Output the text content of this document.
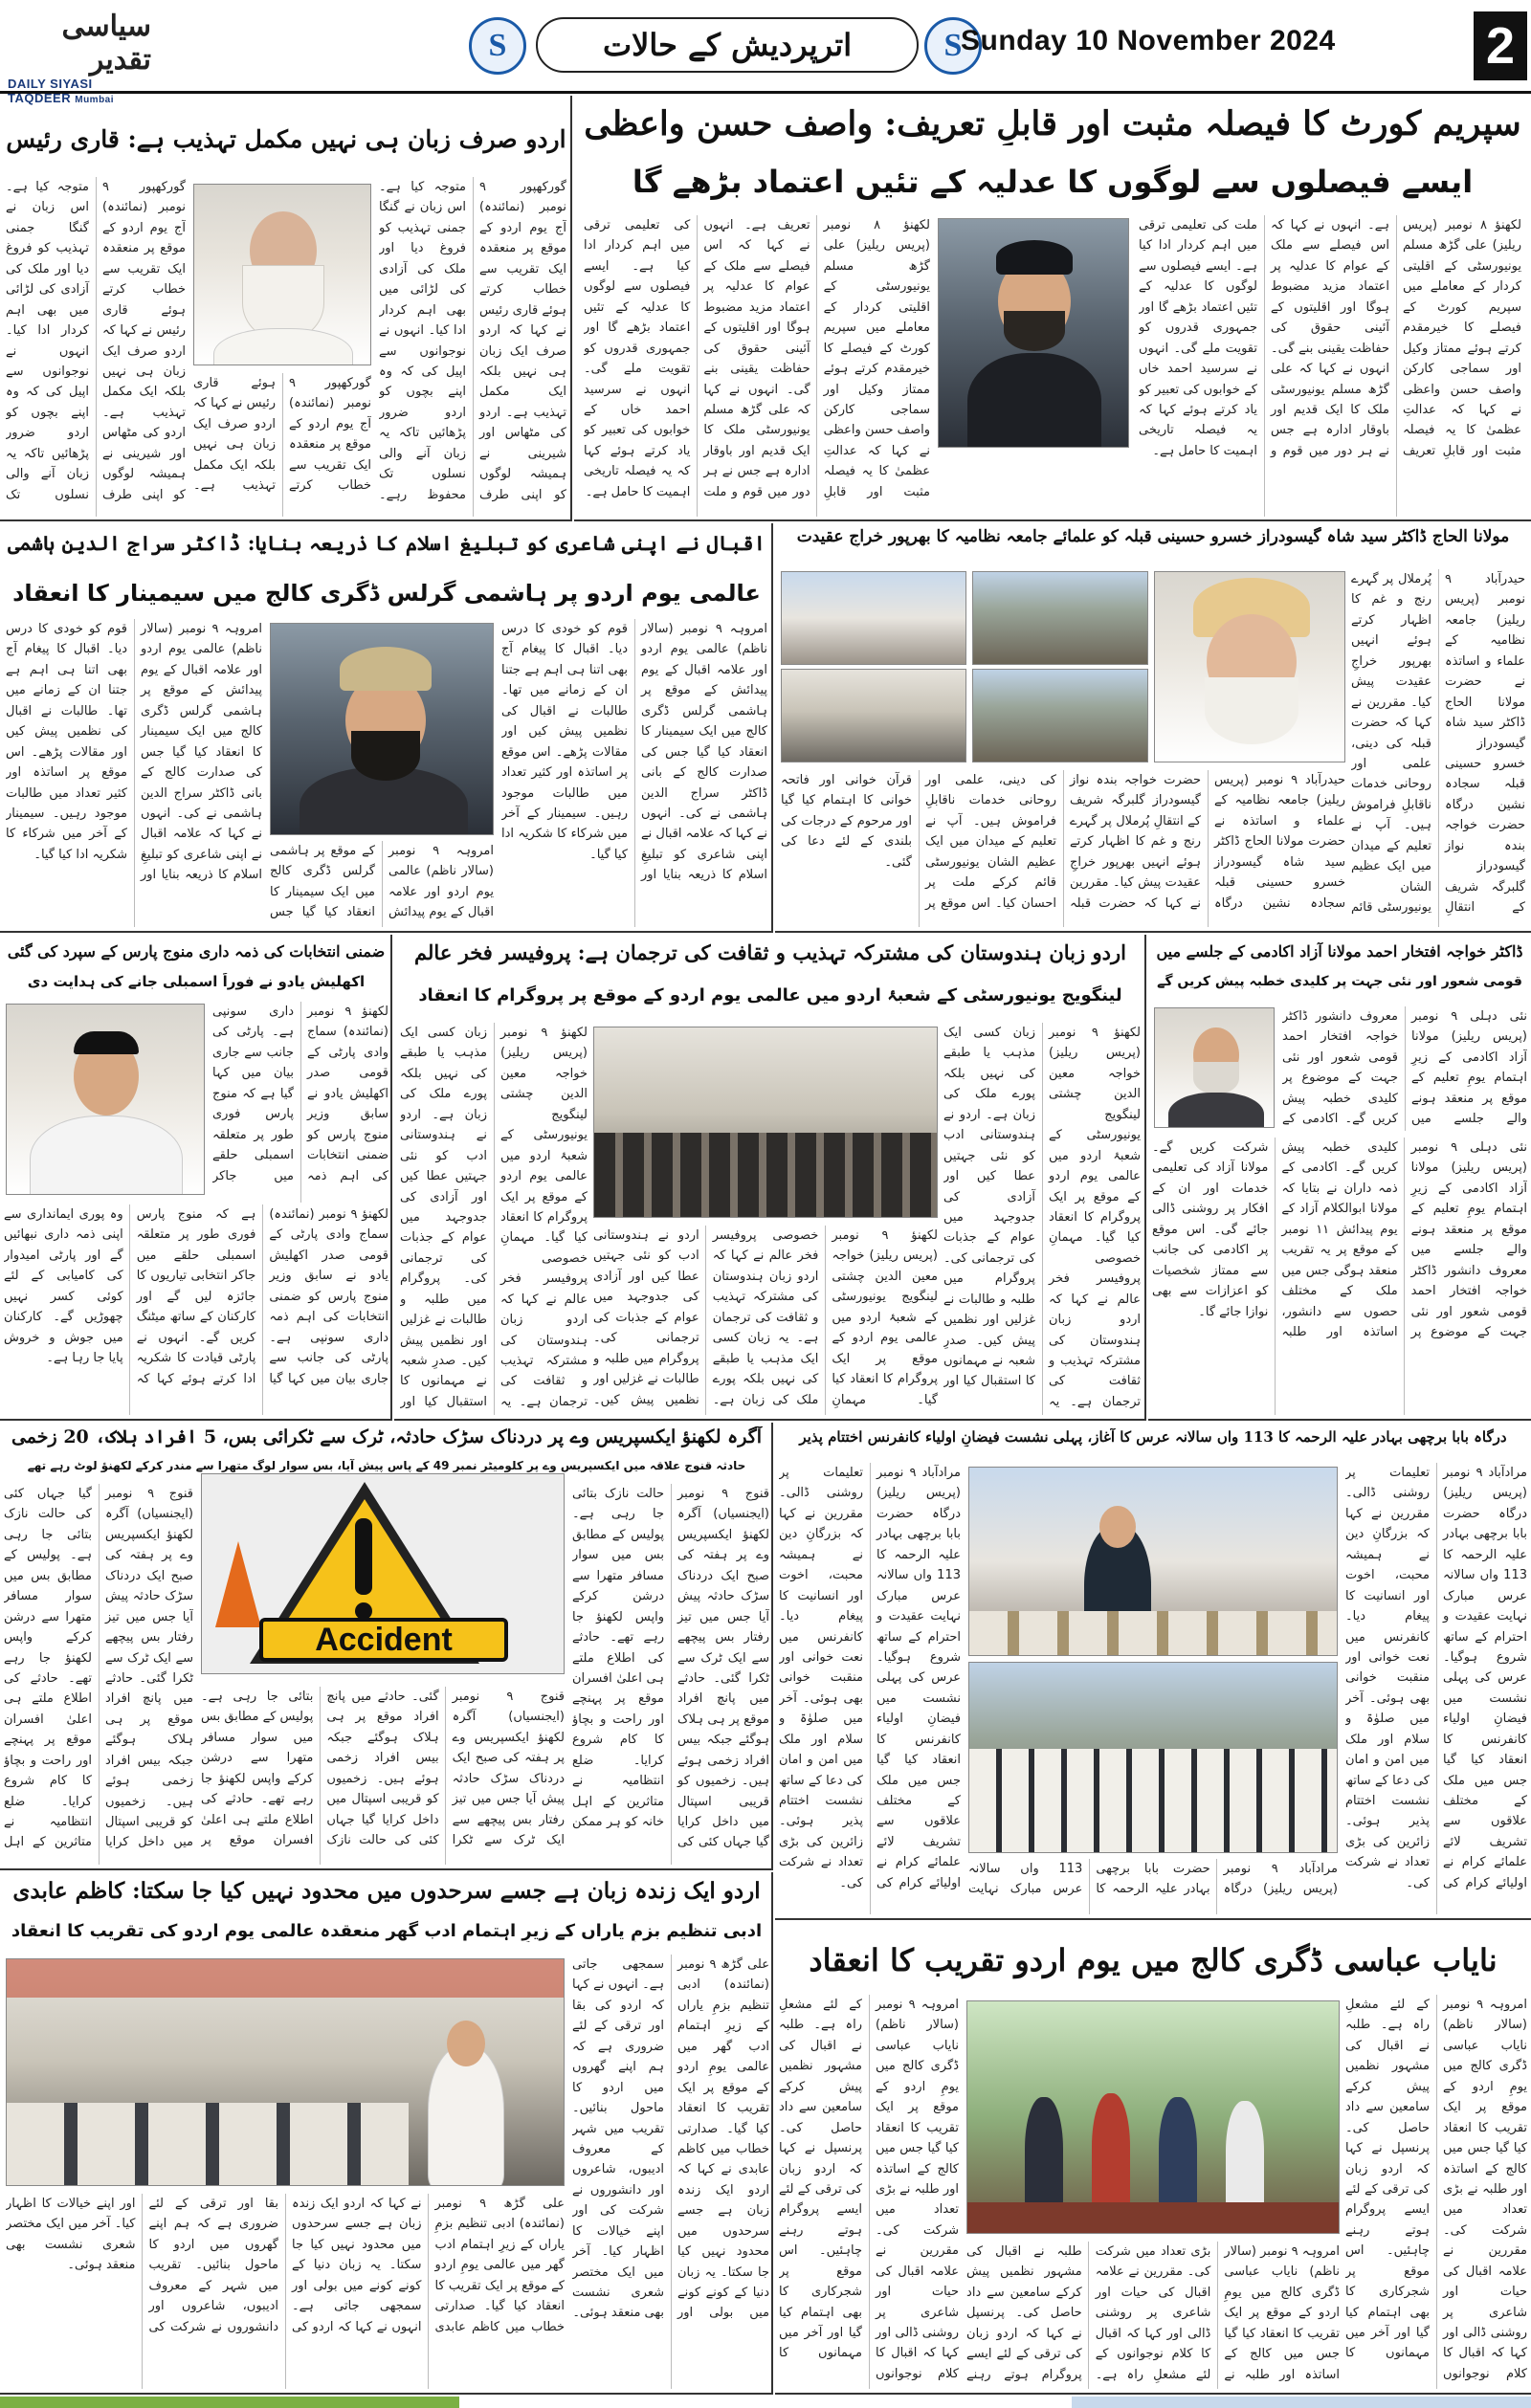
سیاسی تقدیر
DAILY SIYASI TAQDEER Mumbai
S	اترپردیش کے حالات	S
Sunday 10 November 2024	2
سپریم کورٹ کا فیصلہ مثبت اور قابلِ تعریف: واصف حسن واعظی
ایسے فیصلوں سے لوگوں کا عدلیہ کے تئیں اعتماد بڑھے گا
لکھنؤ ۸ نومبر (پریس ریلیز) علی گڑھ مسلم یونیورسٹی کے اقلیتی کردار کے معاملے میں سپریم کورٹ کے فیصلے کا خیرمقدم کرتے ہوئے ممتاز وکیل اور سماجی کارکن واصف حسن واعظی نے کہا کہ عدالتِ عظمیٰ کا یہ فیصلہ مثبت اور قابلِ تعریف ہے۔ انہوں نے کہا کہ اس فیصلے سے ملک کے عوام کا عدلیہ پر اعتماد مزید مضبوط ہوگا اور اقلیتوں کے آئینی حقوق کی حفاظت یقینی بنے گی۔ انہوں نے کہا کہ علی گڑھ مسلم یونیورسٹی ملک کا ایک قدیم اور باوقار ادارہ ہے جس نے ہر دور میں قوم و ملت کی تعلیمی ترقی میں اہم کردار ادا کیا ہے۔ ایسے فیصلوں سے لوگوں کا عدلیہ کے تئیں اعتماد بڑھے گا اور جمہوری قدروں کو تقویت ملے گی۔ انہوں نے سرسید احمد خاں کے خوابوں کی تعبیر کو یاد کرتے ہوئے کہا کہ یہ فیصلہ تاریخی اہمیت کا حامل ہے۔
لکھنؤ ۸ نومبر (پریس ریلیز) علی گڑھ مسلم یونیورسٹی کے اقلیتی کردار کے معاملے میں سپریم کورٹ کے فیصلے کا خیرمقدم کرتے ہوئے ممتاز وکیل اور سماجی کارکن واصف حسن واعظی نے کہا کہ عدالتِ عظمیٰ کا یہ فیصلہ مثبت اور قابلِ تعریف ہے۔ انہوں نے کہا کہ اس فیصلے سے ملک کے عوام کا عدلیہ پر اعتماد مزید مضبوط ہوگا اور اقلیتوں کے آئینی حقوق کی حفاظت یقینی بنے گی۔ انہوں نے کہا کہ علی گڑھ مسلم یونیورسٹی ملک کا ایک قدیم اور باوقار ادارہ ہے جس نے ہر دور میں قوم و ملت کی تعلیمی ترقی میں اہم کردار ادا کیا ہے۔ ایسے فیصلوں سے لوگوں کا عدلیہ کے تئیں اعتماد بڑھے گا اور جمہوری قدروں کو تقویت ملے گی۔ انہوں نے سرسید احمد خاں کے خوابوں کی تعبیر کو یاد کرتے ہوئے کہا کہ یہ فیصلہ تاریخی اہمیت کا حامل ہے۔
اردو صرف زبان ہی نہیں مکمل تہذیب ہے: قاری رئیس
گورکھپور ۹ نومبر (نمائندہ) آج یوم اردو کے موقع پر منعقدہ ایک تقریب سے خطاب کرتے ہوئے قاری رئیس نے کہا کہ اردو صرف ایک زبان ہی نہیں بلکہ ایک مکمل تہذیب ہے۔ اردو کی مٹھاس اور شیرینی نے ہمیشہ لوگوں کو اپنی طرف متوجہ کیا ہے۔ اس زبان نے گنگا جمنی تہذیب کو فروغ دیا اور ملک کی آزادی کی لڑائی میں بھی اہم کردار ادا کیا۔ انہوں نے نوجوانوں سے اپیل کی کہ وہ اپنے بچوں کو اردو ضرور پڑھائیں تاکہ یہ زبان آنے والی نسلوں تک محفوظ رہے۔
گورکھپور ۹ نومبر (نمائندہ) آج یوم اردو کے موقع پر منعقدہ ایک تقریب سے خطاب کرتے ہوئے قاری رئیس نے کہا کہ اردو صرف ایک زبان ہی نہیں بلکہ ایک مکمل تہذیب ہے۔
گورکھپور ۹ نومبر (نمائندہ) آج یوم اردو کے موقع پر منعقدہ ایک تقریب سے خطاب کرتے ہوئے قاری رئیس نے کہا کہ اردو صرف ایک زبان ہی نہیں بلکہ ایک مکمل تہذیب ہے۔ اردو کی مٹھاس اور شیرینی نے ہمیشہ لوگوں کو اپنی طرف متوجہ کیا ہے۔ اس زبان نے گنگا جمنی تہذیب کو فروغ دیا اور ملک کی آزادی کی لڑائی میں بھی اہم کردار ادا کیا۔ انہوں نے نوجوانوں سے اپیل کی کہ وہ اپنے بچوں کو اردو ضرور پڑھائیں تاکہ یہ زبان آنے والی نسلوں تک
مولانا الحاج ڈاکٹر سید شاہ گیسودراز خسرو حسینی قبلہ کو علمائے جامعہ نظامیہ کا بھرپور خراجِ عقیدت
حیدرآباد ۹ نومبر (پریس ریلیز) جامعہ نظامیہ کے علماء و اساتذہ نے حضرت مولانا الحاج ڈاکٹر سید شاہ گیسودراز خسرو حسینی قبلہ سجادہ نشین درگاہ حضرت خواجہ بندہ نواز گیسودراز گلبرگہ شریف کے انتقالِ پُرملال پر گہرے رنج و غم کا اظہار کرتے ہوئے انہیں بھرپور خراجِ عقیدت پیش کیا۔ مقررین نے کہا کہ حضرت قبلہ کی دینی، علمی اور روحانی خدمات ناقابلِ فراموش ہیں۔ آپ نے تعلیم کے میدان میں ایک عظیم الشان یونیورسٹی قائم
حیدرآباد ۹ نومبر (پریس ریلیز) جامعہ نظامیہ کے علماء و اساتذہ نے حضرت مولانا الحاج ڈاکٹر سید شاہ گیسودراز خسرو حسینی قبلہ سجادہ نشین درگاہ حضرت خواجہ بندہ نواز گیسودراز گلبرگہ شریف کے انتقالِ پُرملال پر گہرے رنج و غم کا اظہار کرتے ہوئے انہیں بھرپور خراجِ عقیدت پیش کیا۔ مقررین نے کہا کہ حضرت قبلہ کی دینی، علمی اور روحانی خدمات ناقابلِ فراموش ہیں۔ آپ نے تعلیم کے میدان میں ایک عظیم الشان یونیورسٹی قائم کرکے ملت پر احسان کیا۔ اس موقع پر قرآن خوانی اور فاتحہ خوانی کا اہتمام کیا گیا اور مرحوم کے درجات کی بلندی کے لئے دعا کی گئی۔
اقبال نے اپنی شاعری کو تبلیغِ اسلام کا ذریعہ بنایا: ڈاکٹر سراج الدین ہاشمی
عالمی یوم اردو پر ہاشمی گرلس ڈگری کالج میں سیمینار کا انعقاد
امروہہ ۹ نومبر (سالار ناظم) عالمی یوم اردو اور علامہ اقبال کے یوم پیدائش کے موقع پر ہاشمی گرلس ڈگری کالج میں ایک سیمینار کا انعقاد کیا گیا جس کی صدارت کالج کے بانی ڈاکٹر سراج الدین ہاشمی نے کی۔ انہوں نے کہا کہ علامہ اقبال نے اپنی شاعری کو تبلیغِ اسلام کا ذریعہ بنایا اور قوم کو خودی کا درس دیا۔ اقبال کا پیغام آج بھی اتنا ہی اہم ہے جتنا ان کے زمانے میں تھا۔ طالبات نے اقبال کی نظمیں پیش کیں اور مقالات پڑھے۔ اس موقع پر اساتذہ اور کثیر تعداد میں طالبات موجود رہیں۔ سیمینار کے آخر میں شرکاء کا شکریہ ادا کیا گیا۔
امروہہ ۹ نومبر (سالار ناظم) عالمی یوم اردو اور علامہ اقبال کے یوم پیدائش کے موقع پر ہاشمی گرلس ڈگری کالج میں ایک سیمینار کا انعقاد کیا گیا جس
امروہہ ۹ نومبر (سالار ناظم) عالمی یوم اردو اور علامہ اقبال کے یوم پیدائش کے موقع پر ہاشمی گرلس ڈگری کالج میں ایک سیمینار کا انعقاد کیا گیا جس کی صدارت کالج کے بانی ڈاکٹر سراج الدین ہاشمی نے کی۔ انہوں نے کہا کہ علامہ اقبال نے اپنی شاعری کو تبلیغِ اسلام کا ذریعہ بنایا اور قوم کو خودی کا درس دیا۔ اقبال کا پیغام آج بھی اتنا ہی اہم ہے جتنا ان کے زمانے میں تھا۔ طالبات نے اقبال کی نظمیں پیش کیں اور مقالات پڑھے۔ اس موقع پر اساتذہ اور کثیر تعداد میں طالبات موجود رہیں۔ سیمینار کے آخر میں شرکاء کا شکریہ ادا کیا گیا۔
ڈاکٹر خواجہ افتخار احمد مولانا آزاد اکادمی کے جلسے میں
قومی شعور اور نئی جہت پر کلیدی خطبہ پیش کریں گے
نئی دہلی ۹ نومبر (پریس ریلیز) مولانا آزاد اکادمی کے زیرِ اہتمام یومِ تعلیم کے موقع پر منعقد ہونے والے جلسے میں معروف دانشور ڈاکٹر خواجہ افتخار احمد قومی شعور اور نئی جہت کے موضوع پر کلیدی خطبہ پیش کریں گے۔ اکادمی کے
نئی دہلی ۹ نومبر (پریس ریلیز) مولانا آزاد اکادمی کے زیرِ اہتمام یومِ تعلیم کے موقع پر منعقد ہونے والے جلسے میں معروف دانشور ڈاکٹر خواجہ افتخار احمد قومی شعور اور نئی جہت کے موضوع پر کلیدی خطبہ پیش کریں گے۔ اکادمی کے ذمہ داران نے بتایا کہ مولانا ابوالکلام آزاد کے یوم پیدائش ۱۱ نومبر کے موقع پر یہ تقریب منعقد ہوگی جس میں ملک کے مختلف حصوں سے دانشور، اساتذہ اور طلبہ شرکت کریں گے۔ مولانا آزاد کی تعلیمی خدمات اور ان کے افکار پر روشنی ڈالی جائے گی۔ اس موقع پر اکادمی کی جانب سے ممتاز شخصیات کو اعزازات سے بھی نوازا جائے گا۔
اردو زبان ہندوستان کی مشترکہ تہذیب و ثقافت کی ترجمان ہے: پروفیسر فخر عالم
لینگویج یونیورسٹی کے شعبۂ اردو میں عالمی یوم اردو کے موقع پر پروگرام کا انعقاد
لکھنؤ ۹ نومبر (پریس ریلیز) خواجہ معین الدین چشتی لینگویج یونیورسٹی کے شعبۂ اردو میں عالمی یوم اردو کے موقع پر ایک پروگرام کا انعقاد کیا گیا۔ مہمانِ خصوصی پروفیسر فخر عالم نے کہا کہ اردو زبان ہندوستان کی مشترکہ تہذیب و ثقافت کی ترجمان ہے۔ یہ زبان کسی ایک مذہب یا طبقے کی نہیں بلکہ پورے ملک کی زبان ہے۔ اردو نے ہندوستانی ادب کو نئی جہتیں عطا کیں اور آزادی کی جدوجہد میں عوام کے جذبات کی ترجمانی کی۔ پروگرام میں طلبہ و طالبات نے غزلیں اور نظمیں پیش کیں۔ صدرِ شعبہ نے مہمانوں کا استقبال کیا اور
لکھنؤ ۹ نومبر (پریس ریلیز) خواجہ معین الدین چشتی لینگویج یونیورسٹی کے شعبۂ اردو میں عالمی یوم اردو کے موقع پر ایک پروگرام کا انعقاد کیا گیا۔ مہمانِ خصوصی پروفیسر فخر عالم نے کہا کہ اردو زبان ہندوستان کی مشترکہ تہذیب و ثقافت کی ترجمان ہے۔ یہ زبان کسی ایک مذہب یا طبقے کی نہیں بلکہ پورے ملک کی زبان ہے۔ اردو نے ہندوستانی ادب کو نئی جہتیں عطا کیں اور آزادی کی جدوجہد میں عوام کے جذبات کی ترجمانی کی۔ پروگرام میں طلبہ و طالبات نے غزلیں اور نظمیں پیش کیں۔
لکھنؤ ۹ نومبر (پریس ریلیز) خواجہ معین الدین چشتی لینگویج یونیورسٹی کے شعبۂ اردو میں عالمی یوم اردو کے موقع پر ایک پروگرام کا انعقاد کیا گیا۔ مہمانِ خصوصی پروفیسر فخر عالم نے کہا کہ اردو زبان ہندوستان کی مشترکہ تہذیب و ثقافت کی ترجمان ہے۔ یہ زبان کسی ایک مذہب یا طبقے کی نہیں بلکہ پورے ملک کی زبان ہے۔ اردو نے ہندوستانی ادب کو نئی جہتیں عطا کیں اور آزادی کی جدوجہد میں عوام کے جذبات کی ترجمانی کی۔ پروگرام میں طلبہ و طالبات نے غزلیں اور نظمیں پیش کیں۔ صدرِ شعبہ نے مہمانوں کا استقبال کیا اور
ضمنی انتخابات کی ذمہ داری منوج پارس کے سپرد کی گئی
اکھلیش یادو نے فوراً اسمبلی جانے کی ہدایت دی
لکھنؤ ۹ نومبر (نمائندہ) سماج وادی پارٹی کے قومی صدر اکھلیش یادو نے سابق وزیر منوج پارس کو ضمنی انتخابات کی اہم ذمہ داری سونپی ہے۔ پارٹی کی جانب سے جاری بیان میں کہا گیا ہے کہ منوج پارس فوری طور پر متعلقہ اسمبلی حلقے میں جاکر
لکھنؤ ۹ نومبر (نمائندہ) سماج وادی پارٹی کے قومی صدر اکھلیش یادو نے سابق وزیر منوج پارس کو ضمنی انتخابات کی اہم ذمہ داری سونپی ہے۔ پارٹی کی جانب سے جاری بیان میں کہا گیا ہے کہ منوج پارس فوری طور پر متعلقہ اسمبلی حلقے میں جاکر انتخابی تیاریوں کا جائزہ لیں گے اور کارکنان کے ساتھ میٹنگ کریں گے۔ انہوں نے پارٹی قیادت کا شکریہ ادا کرتے ہوئے کہا کہ وہ پوری ایمانداری سے اپنی ذمہ داری نبھائیں گے اور پارٹی امیدوار کی کامیابی کے لئے کوئی کسر نہیں چھوڑیں گے۔ کارکنان میں جوش و خروش پایا جا رہا ہے۔
درگاہ بابا برچھی بہادر علیہ الرحمہ کا 113 واں سالانہ عرس کا آغاز، پہلی نشست فیضانِ اولیاء کانفرنس اختتام پذیر
مرادآباد ۹ نومبر (پریس ریلیز) درگاہ حضرت بابا برچھی بہادر علیہ الرحمہ کا 113 واں سالانہ عرس مبارک نہایت عقیدت و احترام کے ساتھ شروع ہوگیا۔ عرس کی پہلی نشست میں فیضانِ اولیاء کانفرنس کا انعقاد کیا گیا جس میں ملک کے مختلف علاقوں سے تشریف لائے علمائے کرام نے اولیائے کرام کی تعلیمات پر روشنی ڈالی۔ مقررین نے کہا کہ بزرگانِ دین نے ہمیشہ محبت، اخوت اور انسانیت کا پیغام دیا۔ کانفرنس میں نعت خوانی اور منقبت خوانی بھی ہوئی۔ آخر میں صلوٰۃ و سلام اور ملک میں امن و امان کی دعا کے ساتھ نشست اختتام پذیر ہوئی۔ زائرین کی بڑی تعداد نے شرکت کی۔
مرادآباد ۹ نومبر (پریس ریلیز) درگاہ حضرت بابا برچھی بہادر علیہ الرحمہ کا 113 واں سالانہ عرس مبارک نہایت عقیدت و احترام کے ساتھ شروع ہوگیا۔ عرس کی پہلی نشست میں فیضانِ اولیاء کانفرنس کا انعقاد کیا گیا جس میں ملک کے مختلف علاقوں سے تشریف لائے علمائے کرام نے اولیائے کرام کی تعلیمات پر روشنی ڈالی۔ مقررین نے کہا کہ بزرگانِ دین نے ہمیشہ محبت، اخوت اور انسانیت کا پیغام دیا۔ کانفرنس میں نعت خوانی اور منقبت خوانی بھی ہوئی۔ آخر میں صلوٰۃ و سلام اور ملک میں امن و امان کی دعا کے ساتھ نشست اختتام پذیر ہوئی۔ زائرین کی بڑی تعداد نے شرکت کی۔
مرادآباد ۹ نومبر (پریس ریلیز) درگاہ حضرت بابا برچھی بہادر علیہ الرحمہ کا 113 واں سالانہ عرس مبارک نہایت
آگرہ لکھنؤ ایکسپریس وے پر دردناک سڑک حادثہ، ٹرک سے ٹکرائی بس، 5 افراد ہلاک، 20 زخمی
حادثہ قنوج علاقہ میں ایکسپریس وے پر کلومیٹر نمبر 49 کے پاس پیش آیا، بس سوار لوگ متھرا سے مندر کرکے لکھنؤ لوٹ رہے تھے
قنوج ۹ نومبر (ایجنسیاں) آگرہ لکھنؤ ایکسپریس وے پر ہفتہ کی صبح ایک دردناک سڑک حادثہ پیش آیا جس میں تیز رفتار بس پیچھے سے ایک ٹرک سے ٹکرا گئی۔ حادثے میں پانچ افراد موقع پر ہی ہلاک ہوگئے جبکہ بیس افراد زخمی ہوئے ہیں۔ زخمیوں کو قریبی اسپتال میں داخل کرایا گیا جہاں کئی کی حالت نازک بتائی جا رہی ہے۔ پولیس کے مطابق بس میں سوار مسافر متھرا سے درشن کرکے واپس لکھنؤ جا رہے تھے۔ حادثے کی اطلاع ملتے ہی اعلیٰ افسران موقع پر پہنچے اور راحت و بچاؤ کا کام شروع کرایا۔ ضلع انتظامیہ نے متاثرین کے اہل خانہ کو ہر ممکن
قنوج ۹ نومبر (ایجنسیاں) آگرہ لکھنؤ ایکسپریس وے پر ہفتہ کی صبح ایک دردناک سڑک حادثہ پیش آیا جس میں تیز رفتار بس پیچھے سے ایک ٹرک سے ٹکرا گئی۔ حادثے میں پانچ افراد موقع پر ہی ہلاک ہوگئے جبکہ بیس افراد زخمی ہوئے ہیں۔ زخمیوں کو قریبی اسپتال میں داخل کرایا گیا جہاں کئی کی حالت نازک بتائی جا رہی ہے۔ پولیس کے مطابق بس میں سوار مسافر متھرا سے درشن کرکے واپس لکھنؤ جا رہے تھے۔ حادثے کی اطلاع ملتے ہی اعلیٰ افسران موقع پر پہنچے اور راحت و بچاؤ کا کام شروع کرایا۔ ضلع انتظامیہ نے متاثرین کے اہل
قنوج ۹ نومبر (ایجنسیاں) آگرہ لکھنؤ ایکسپریس وے پر ہفتہ کی صبح ایک دردناک سڑک حادثہ پیش آیا جس میں تیز رفتار بس پیچھے سے ایک ٹرک سے ٹکرا گئی۔ حادثے میں پانچ افراد موقع پر ہی ہلاک ہوگئے جبکہ بیس افراد زخمی ہوئے ہیں۔ زخمیوں کو قریبی اسپتال میں داخل کرایا گیا جہاں کئی کی حالت نازک بتائی جا رہی ہے۔ پولیس کے مطابق بس میں سوار مسافر متھرا سے درشن کرکے واپس لکھنؤ جا رہے تھے۔ حادثے کی اطلاع ملتے ہی اعلیٰ افسران موقع پر
Accident
اردو ایک زندہ زبان ہے جسے سرحدوں میں محدود نہیں کیا جا سکتا: کاظم عابدی
ادبی تنظیم بزمِ یاراں کے زیرِ اہتمام ادب گھر منعقدہ عالمی یومِ اردو کی تقریب کا انعقاد
علی گڑھ ۹ نومبر (نمائندہ) ادبی تنظیم بزمِ یاراں کے زیرِ اہتمام ادب گھر میں عالمی یومِ اردو کے موقع پر ایک تقریب کا انعقاد کیا گیا۔ صدارتی خطاب میں کاظم عابدی نے کہا کہ اردو ایک زندہ زبان ہے جسے سرحدوں میں محدود نہیں کیا جا سکتا۔ یہ زبان دنیا کے کونے کونے میں بولی اور سمجھی جاتی ہے۔ انہوں نے کہا کہ اردو کی بقا اور ترقی کے لئے ضروری ہے کہ ہم اپنے گھروں میں اردو کا ماحول بنائیں۔ تقریب میں شہر کے معروف ادیبوں، شاعروں اور دانشوروں نے شرکت کی اور اپنے خیالات کا اظہار کیا۔ آخر میں ایک مختصر شعری نشست بھی منعقد ہوئی۔
علی گڑھ ۹ نومبر (نمائندہ) ادبی تنظیم بزمِ یاراں کے زیرِ اہتمام ادب گھر میں عالمی یومِ اردو کے موقع پر ایک تقریب کا انعقاد کیا گیا۔ صدارتی خطاب میں کاظم عابدی نے کہا کہ اردو ایک زندہ زبان ہے جسے سرحدوں میں محدود نہیں کیا جا سکتا۔ یہ زبان دنیا کے کونے کونے میں بولی اور سمجھی جاتی ہے۔ انہوں نے کہا کہ اردو کی بقا اور ترقی کے لئے ضروری ہے کہ ہم اپنے گھروں میں اردو کا ماحول بنائیں۔ تقریب میں شہر کے معروف ادیبوں، شاعروں اور دانشوروں نے شرکت کی اور اپنے خیالات کا اظہار کیا۔ آخر میں ایک مختصر شعری نشست بھی منعقد ہوئی۔
نایاب عباسی ڈگری کالج میں یومِ اردو تقریب کا انعقاد
امروہہ ۹ نومبر (سالار ناظم) نایاب عباسی ڈگری کالج میں یومِ اردو کے موقع پر ایک تقریب کا انعقاد کیا گیا جس میں کالج کے اساتذہ اور طلبہ نے بڑی تعداد میں شرکت کی۔ مقررین نے علامہ اقبال کی حیات اور شاعری پر روشنی ڈالی اور کہا کہ اقبال کا کلام نوجوانوں کے لئے مشعلِ راہ ہے۔ طلبہ نے اقبال کی مشہور نظمیں پیش کرکے سامعین سے داد حاصل کی۔ پرنسپل نے کہا کہ اردو زبان کی ترقی کے لئے ایسے پروگرام ہوتے رہنے چاہئیں۔ اس موقع پر شجرکاری کا بھی اہتمام کیا گیا اور آخر میں مہمانوں کا
امروہہ ۹ نومبر (سالار ناظم) نایاب عباسی ڈگری کالج میں یومِ اردو کے موقع پر ایک تقریب کا انعقاد کیا گیا جس میں کالج کے اساتذہ اور طلبہ نے بڑی تعداد میں شرکت کی۔ مقررین نے علامہ اقبال کی حیات اور شاعری پر روشنی ڈالی اور کہا کہ اقبال کا کلام نوجوانوں کے لئے مشعلِ راہ ہے۔ طلبہ نے اقبال کی مشہور نظمیں پیش کرکے سامعین سے داد حاصل کی۔ پرنسپل نے کہا کہ اردو زبان کی ترقی کے لئے ایسے پروگرام ہوتے رہنے چاہئیں۔ اس موقع پر شجرکاری کا بھی اہتمام کیا گیا اور آخر میں مہمانوں کا
امروہہ ۹ نومبر (سالار ناظم) نایاب عباسی ڈگری کالج میں یومِ اردو کے موقع پر ایک تقریب کا انعقاد کیا گیا جس میں کالج کے اساتذہ اور طلبہ نے بڑی تعداد میں شرکت کی۔ مقررین نے علامہ اقبال کی حیات اور شاعری پر روشنی ڈالی اور کہا کہ اقبال کا کلام نوجوانوں کے لئے مشعلِ راہ ہے۔ طلبہ نے اقبال کی مشہور نظمیں پیش کرکے سامعین سے داد حاصل کی۔ پرنسپل نے کہا کہ اردو زبان کی ترقی کے لئے ایسے پروگرام ہوتے رہنے
